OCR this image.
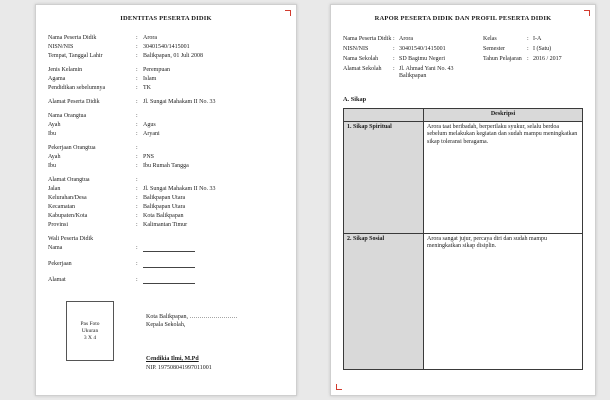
IDENTITAS PESERTA DIDIK
Nama Peserta Didik	: Arora
NISN/NIS	: 30401540/1415001
Tempat, Tanggal Lahir	: Balikpapan, 01 Juli 2008
Jenis Kelamin	: Perempuan
Agama	: Islam
Pendidikan sebelumnya	: TK
Alamat Peserta Didik	: Jl. Sungai Mahakam II No. 33
Nama Orangtua	:
Ayah	: Agus
Ibu	: Aryani
Pekerjaan Orangtua	:
Ayah	: PNS
Ibu	: Ibu Rumah Tangga
Alamat Orangtua	:
Jalan	: Jl. Sungai Mahakam II No. 33
Kelurahan/Desa	: Balikpapan Utara
Kecamatan	: Balikpapan Utara
Kabupaten/Kota	: Kota Balikpapan
Provinsi	: Kalimantan Timur
Wali Peserta Didik
Nama	:
Pekerjaan	:
Alamat	:
Pas Foto
Ukuran
3 X 4
Kota Balikpapan, ……………………
Kepala Sekolah,
Cendikia Ilmi, M.Pd
NIP. 197508041997011001
RAPOR PESERTA DIDIK DAN PROFIL PESERTA DIDIK
Nama Peserta Didik : Arora	Kelas	: I-A
NISN/NIS	: 30401540/1415001	Semester	: I (Satu)
Nama Sekolah	: SD Bagimu Negeri	Tahun Pelajaran : 2016 / 2017
Alamat Sekolah	: Jl. Ahmad Yani No. 43 Balikpapan
A. Sikap
	Deskripsi
1. Sikap Spiritual	Arora taat beribadah, berperilaku syukur, selalu berdoa sebelum melakukan kegiatan dan sudah mampu meningkatkan sikap toleransi beragama.
2. Sikap Sosial	Arora sangat jujur, percaya diri dan sudah mampu meningkatkan sikap disiplin.
